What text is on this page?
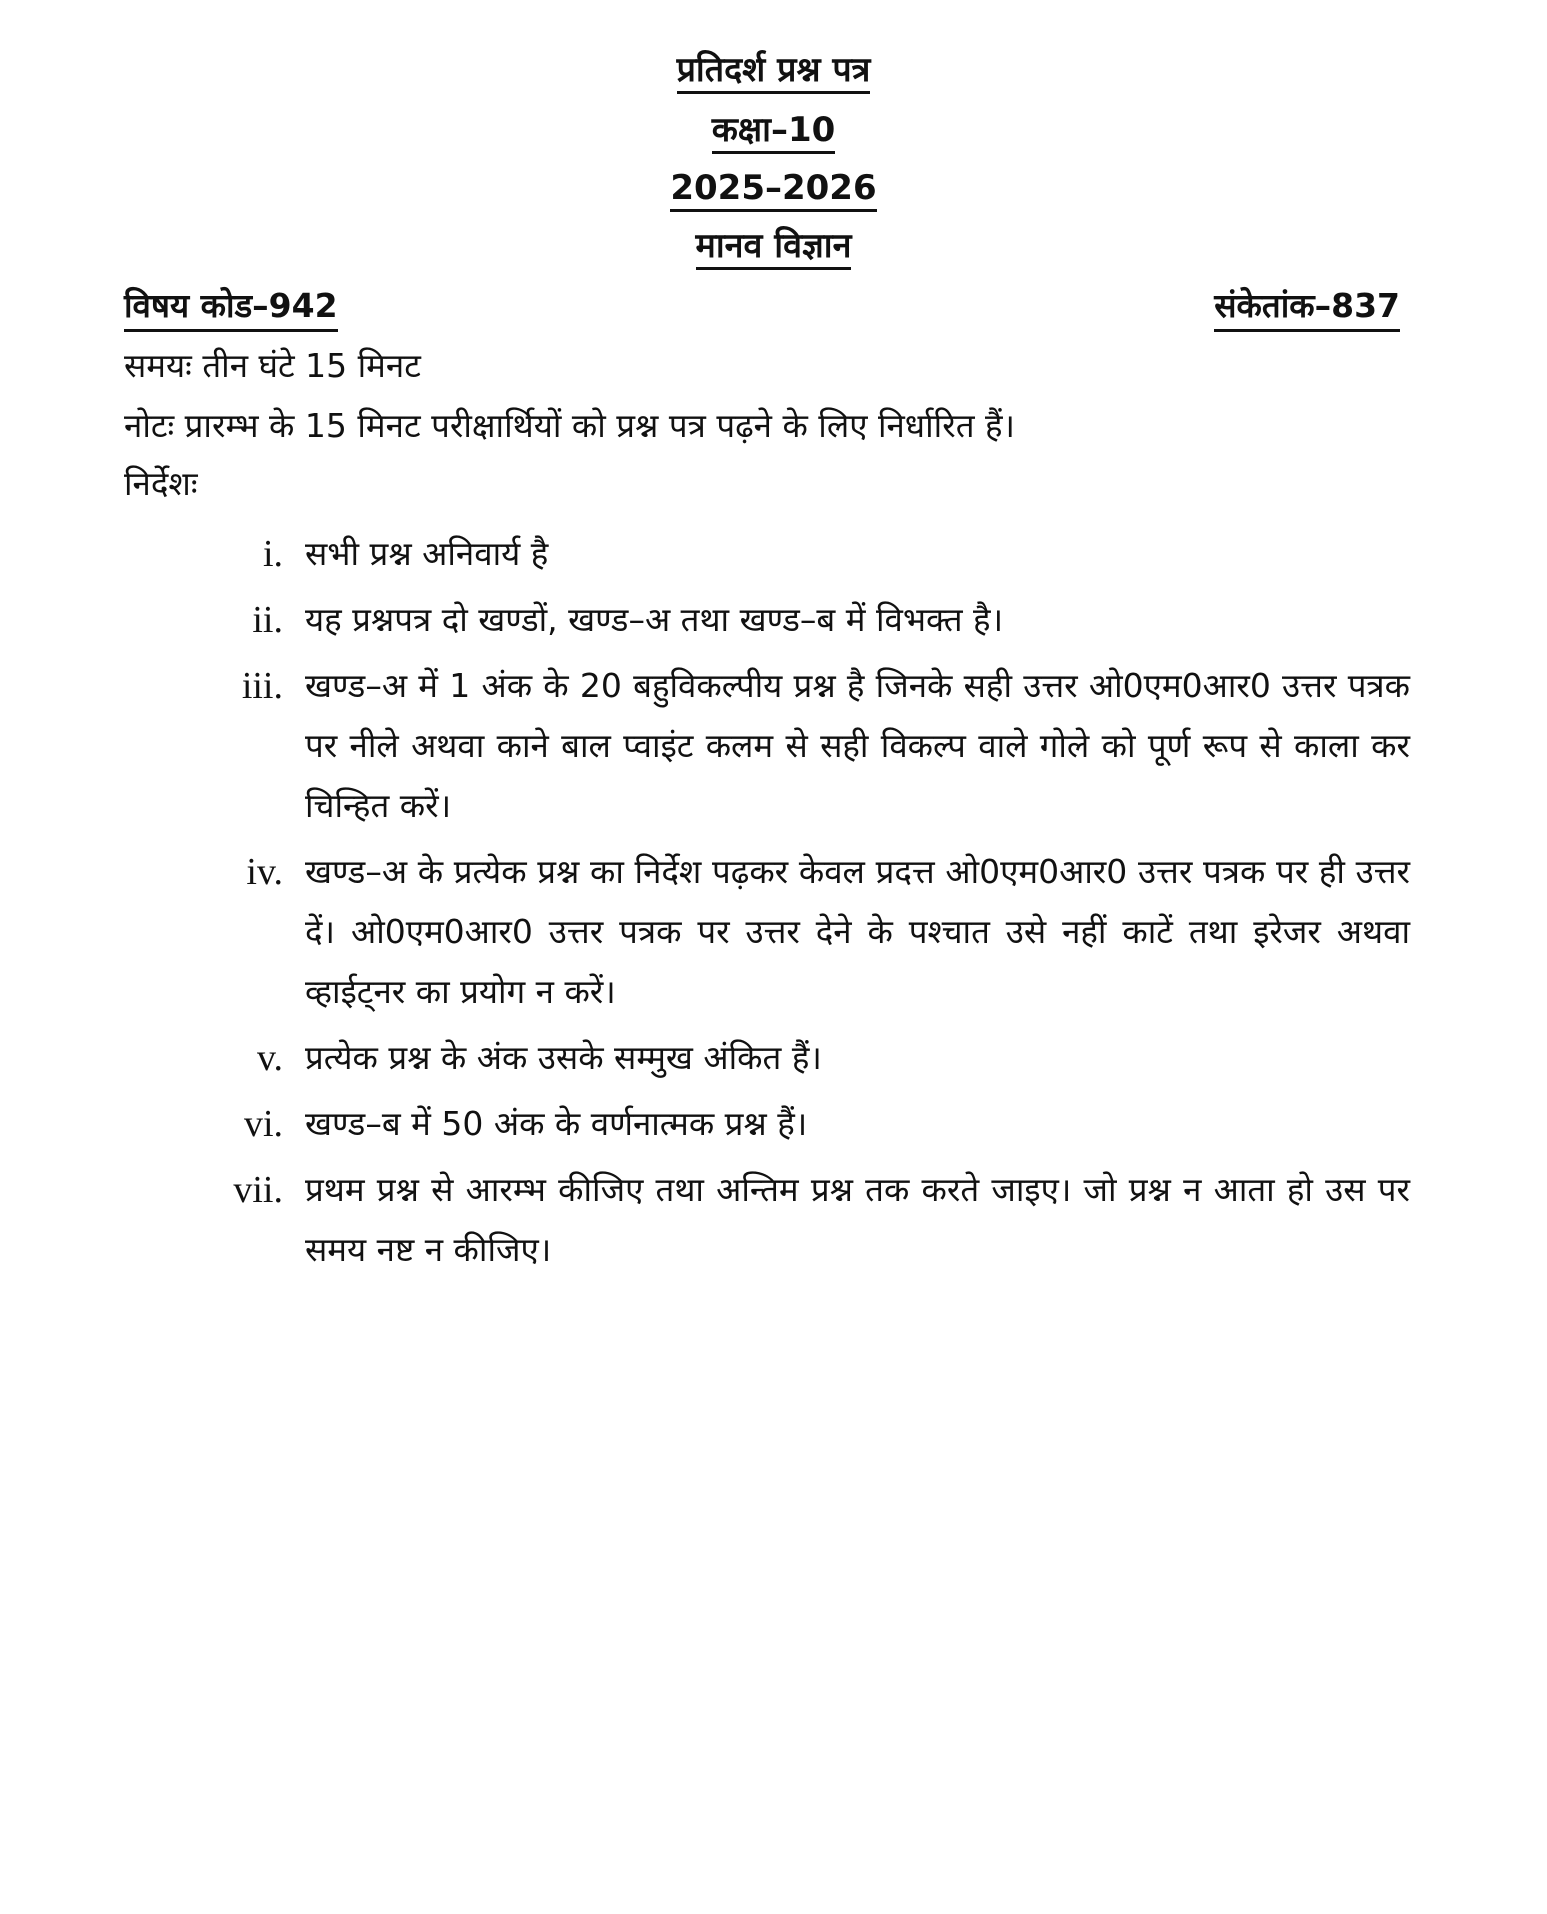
प्रतिदर्श प्रश्न पत्र
कक्षा–10
2025–2026
मानव विज्ञान
विषय कोड–942	संकेतांक–837
समयः तीन घंटे 15 मिनट
नोटः प्रारम्भ के 15 मिनट परीक्षार्थियों को प्रश्न पत्र पढ़ने के लिए निर्धारित हैं।
निर्देशः
i. सभी प्रश्न अनिवार्य है
ii. यह प्रश्नपत्र दो खण्डों, खण्ड–अ तथा खण्ड–ब में विभक्त है।
iii. खण्ड–अ में 1 अंक के 20 बहुविकल्पीय प्रश्न है जिनके सही उत्तर ओ0एम0आर0 उत्तर पत्रक पर नीले अथवा काने बाल प्वाइंट कलम से सही विकल्प वाले गोले को पूर्ण रूप से काला कर चिन्हित करें।
iv. खण्ड–अ के प्रत्येक प्रश्न का निर्देश पढ़कर केवल प्रदत्त ओ0एम0आर0 उत्तर पत्रक पर ही उत्तर दें। ओ0एम0आर0 उत्तर पत्रक पर उत्तर देने के पश्चात उसे नहीं काटें तथा इरेजर अथवा व्हाईट्नर का प्रयोग न करें।
v. प्रत्येक प्रश्न के अंक उसके सम्मुख अंकित हैं।
vi. खण्ड–ब में 50 अंक के वर्णनात्मक प्रश्न हैं।
vii. प्रथम प्रश्न से आरम्भ कीजिए तथा अन्तिम प्रश्न तक करते जाइए। जो प्रश्न न आता हो उस पर समय नष्ट न कीजिए।
